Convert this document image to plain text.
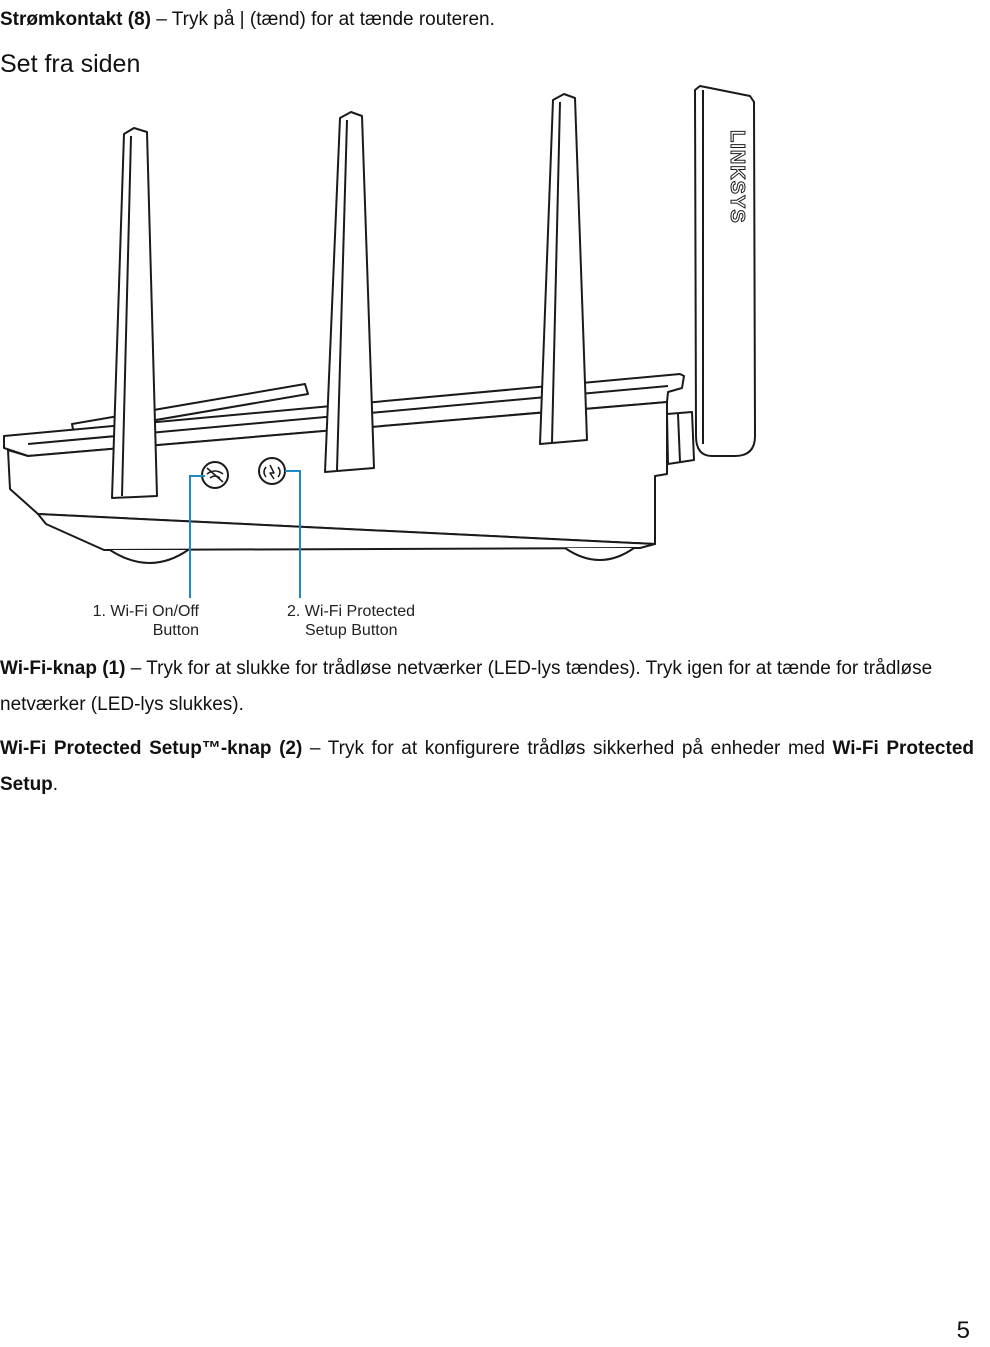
Strømkontakt (8) – Tryk på | (tænd) for at tænde routeren.

Set fra siden
LINKSYS
1. Wi-Fi On/Off
Button
2. Wi-Fi Protected
Setup Button

Wi-Fi-knap (1) – Tryk for at slukke for trådløse netværker (LED-lys tændes). Tryk igen for at tænde for trådløse netværker (LED-lys slukkes).

Wi-Fi Protected Setup™-knap (2) – Tryk for at konfigurere trådløs sikkerhed på enheder med Wi-Fi Protected Setup.

5
